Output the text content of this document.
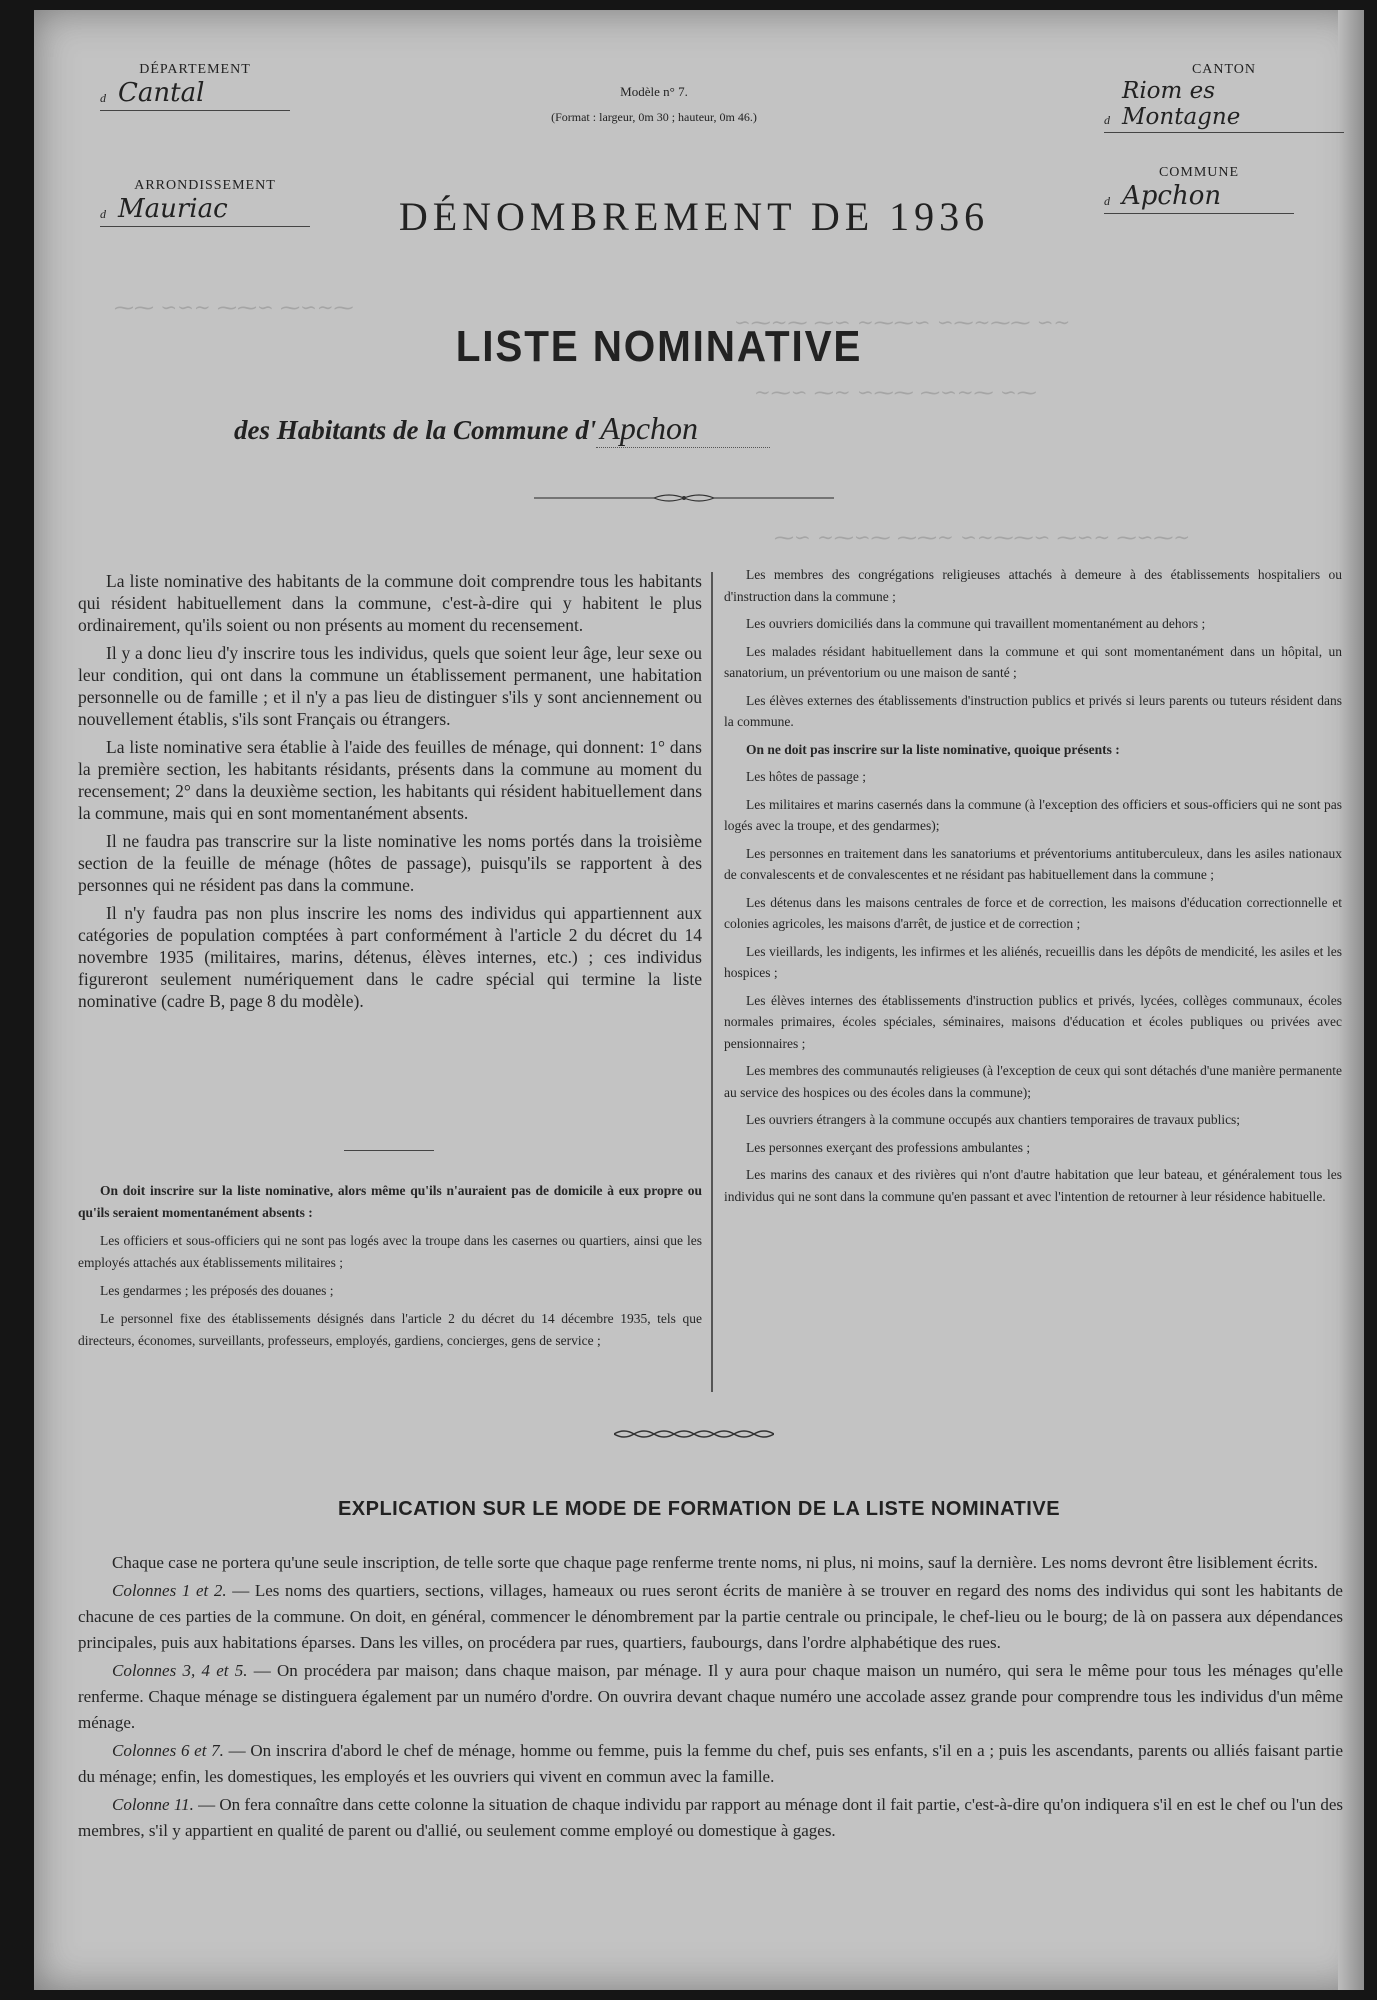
⁓⁓ ∽∽∼ ⁓⁓∽ ⁓∽∼⁓
∽⁓∼⁓ ⁓∽ ∼⁓⁓∽ ∽⁓∼⁓⁓ ∽∼
∼⁓∽ ⁓∼ ∽⁓⁓ ⁓∽∼⁓ ∽⁓
⁓∽ ∼⁓∽⁓ ⁓⁓∼ ∽∼⁓⁓∽ ⁓∽∼ ⁓∽⁓∼
DÉPARTEMENT
d Cantal
ARRONDISSEMENT
d Mauriac
CANTON
d
Riom es Montagne
COMMUNE
d Apchon
Modèle n° 7.
(Format : largeur, 0m 30 ; hauteur, 0m 46.)
DÉNOMBREMENT DE 1936
LISTE NOMINATIVE
des Habitants de la Commune d' Apchon

La liste nominative des habitants de la commune doit comprendre tous les habitants qui résident habituellement dans la commune, c'est-à-dire qui y habitent le plus ordinairement, qu'ils soient ou non présents au moment du recensement.

Il y a donc lieu d'y inscrire tous les individus, quels que soient leur âge, leur sexe ou leur condition, qui ont dans la commune un établissement permanent, une habitation personnelle ou de famille ; et il n'y a pas lieu de distinguer s'ils y sont anciennement ou nouvellement établis, s'ils sont Français ou étrangers.

La liste nominative sera établie à l'aide des feuilles de ménage, qui donnent: 1° dans la première section, les habitants résidants, présents dans la commune au moment du recensement; 2° dans la deuxième section, les habitants qui résident habituellement dans la commune, mais qui en sont momentanément absents.

Il ne faudra pas transcrire sur la liste nominative les noms portés dans la troisième section de la feuille de ménage (hôtes de passage), puisqu'ils se rapportent à des personnes qui ne résident pas dans la commune.

Il n'y faudra pas non plus inscrire les noms des individus qui appartiennent aux catégories de population comptées à part conformément à l'article 2 du décret du 14 novembre 1935 (militaires, marins, détenus, élèves internes, etc.) ; ces individus figureront seulement numériquement dans le cadre spécial qui termine la liste nominative (cadre B, page 8 du modèle).

On doit inscrire sur la liste nominative, alors même qu'ils n'auraient pas de domicile à eux propre ou qu'ils seraient momentanément absents :

Les officiers et sous-officiers qui ne sont pas logés avec la troupe dans les casernes ou quartiers, ainsi que les employés attachés aux établissements militaires ;

Les gendarmes ; les préposés des douanes ;

Le personnel fixe des établissements désignés dans l'article 2 du décret du 14 décembre 1935, tels que directeurs, économes, surveillants, professeurs, employés, gardiens, concierges, gens de service ;

Les membres des congrégations religieuses attachés à demeure à des établissements hospitaliers ou d'instruction dans la commune ;

Les ouvriers domiciliés dans la commune qui travaillent momentanément au dehors ;

Les malades résidant habituellement dans la commune et qui sont momentanément dans un hôpital, un sanatorium, un préventorium ou une maison de santé ;

Les élèves externes des établissements d'instruction publics et privés si leurs parents ou tuteurs résident dans la commune.

On ne doit pas inscrire sur la liste nominative, quoique présents :

Les hôtes de passage ;

Les militaires et marins casernés dans la commune (à l'exception des officiers et sous-officiers qui ne sont pas logés avec la troupe, et des gendarmes);

Les personnes en traitement dans les sanatoriums et préventoriums antituberculeux, dans les asiles nationaux de convalescents et de convalescentes et ne résidant pas habituellement dans la commune ;

Les détenus dans les maisons centrales de force et de correction, les maisons d'éducation correctionnelle et colonies agricoles, les maisons d'arrêt, de justice et de correction ;

Les vieillards, les indigents, les infirmes et les aliénés, recueillis dans les dépôts de mendicité, les asiles et les hospices ;

Les élèves internes des établissements d'instruction publics et privés, lycées, collèges communaux, écoles normales primaires, écoles spéciales, séminaires, maisons d'éducation et écoles publiques ou privées avec pensionnaires ;

Les membres des communautés religieuses (à l'exception de ceux qui sont détachés d'une manière permanente au service des hospices ou des écoles dans la commune);

Les ouvriers étrangers à la commune occupés aux chantiers temporaires de travaux publics;

Les personnes exerçant des professions ambulantes ;

Les marins des canaux et des rivières qui n'ont d'autre habitation que leur bateau, et généralement tous les individus qui ne sont dans la commune qu'en passant et avec l'intention de retourner à leur résidence habituelle.

EXPLICATION SUR LE MODE DE FORMATION DE LA LISTE NOMINATIVE

Chaque case ne portera qu'une seule inscription, de telle sorte que chaque page renferme trente noms, ni plus, ni moins, sauf la dernière. Les noms devront être lisiblement écrits.

Colonnes 1 et 2. — Les noms des quartiers, sections, villages, hameaux ou rues seront écrits de manière à se trouver en regard des noms des individus qui sont les habitants de chacune de ces parties de la commune. On doit, en général, commencer le dénombrement par la partie centrale ou principale, le chef-lieu ou le bourg; de là on passera aux dépendances principales, puis aux habitations éparses. Dans les villes, on procédera par rues, quartiers, faubourgs, dans l'ordre alphabétique des rues.

Colonnes 3, 4 et 5. — On procédera par maison; dans chaque maison, par ménage. Il y aura pour chaque maison un numéro, qui sera le même pour tous les ménages qu'elle renferme. Chaque ménage se distinguera également par un numéro d'ordre. On ouvrira devant chaque numéro une accolade assez grande pour comprendre tous les individus d'un même ménage.

Colonnes 6 et 7. — On inscrira d'abord le chef de ménage, homme ou femme, puis la femme du chef, puis ses enfants, s'il en a ; puis les ascendants, parents ou alliés faisant partie du ménage; enfin, les domestiques, les employés et les ouvriers qui vivent en commun avec la famille.

Colonne 11. — On fera connaître dans cette colonne la situation de chaque individu par rapport au ménage dont il fait partie, c'est-à-dire qu'on indiquera s'il en est le chef ou l'un des membres, s'il y appartient en qualité de parent ou d'allié, ou seulement comme employé ou domestique à gages.
